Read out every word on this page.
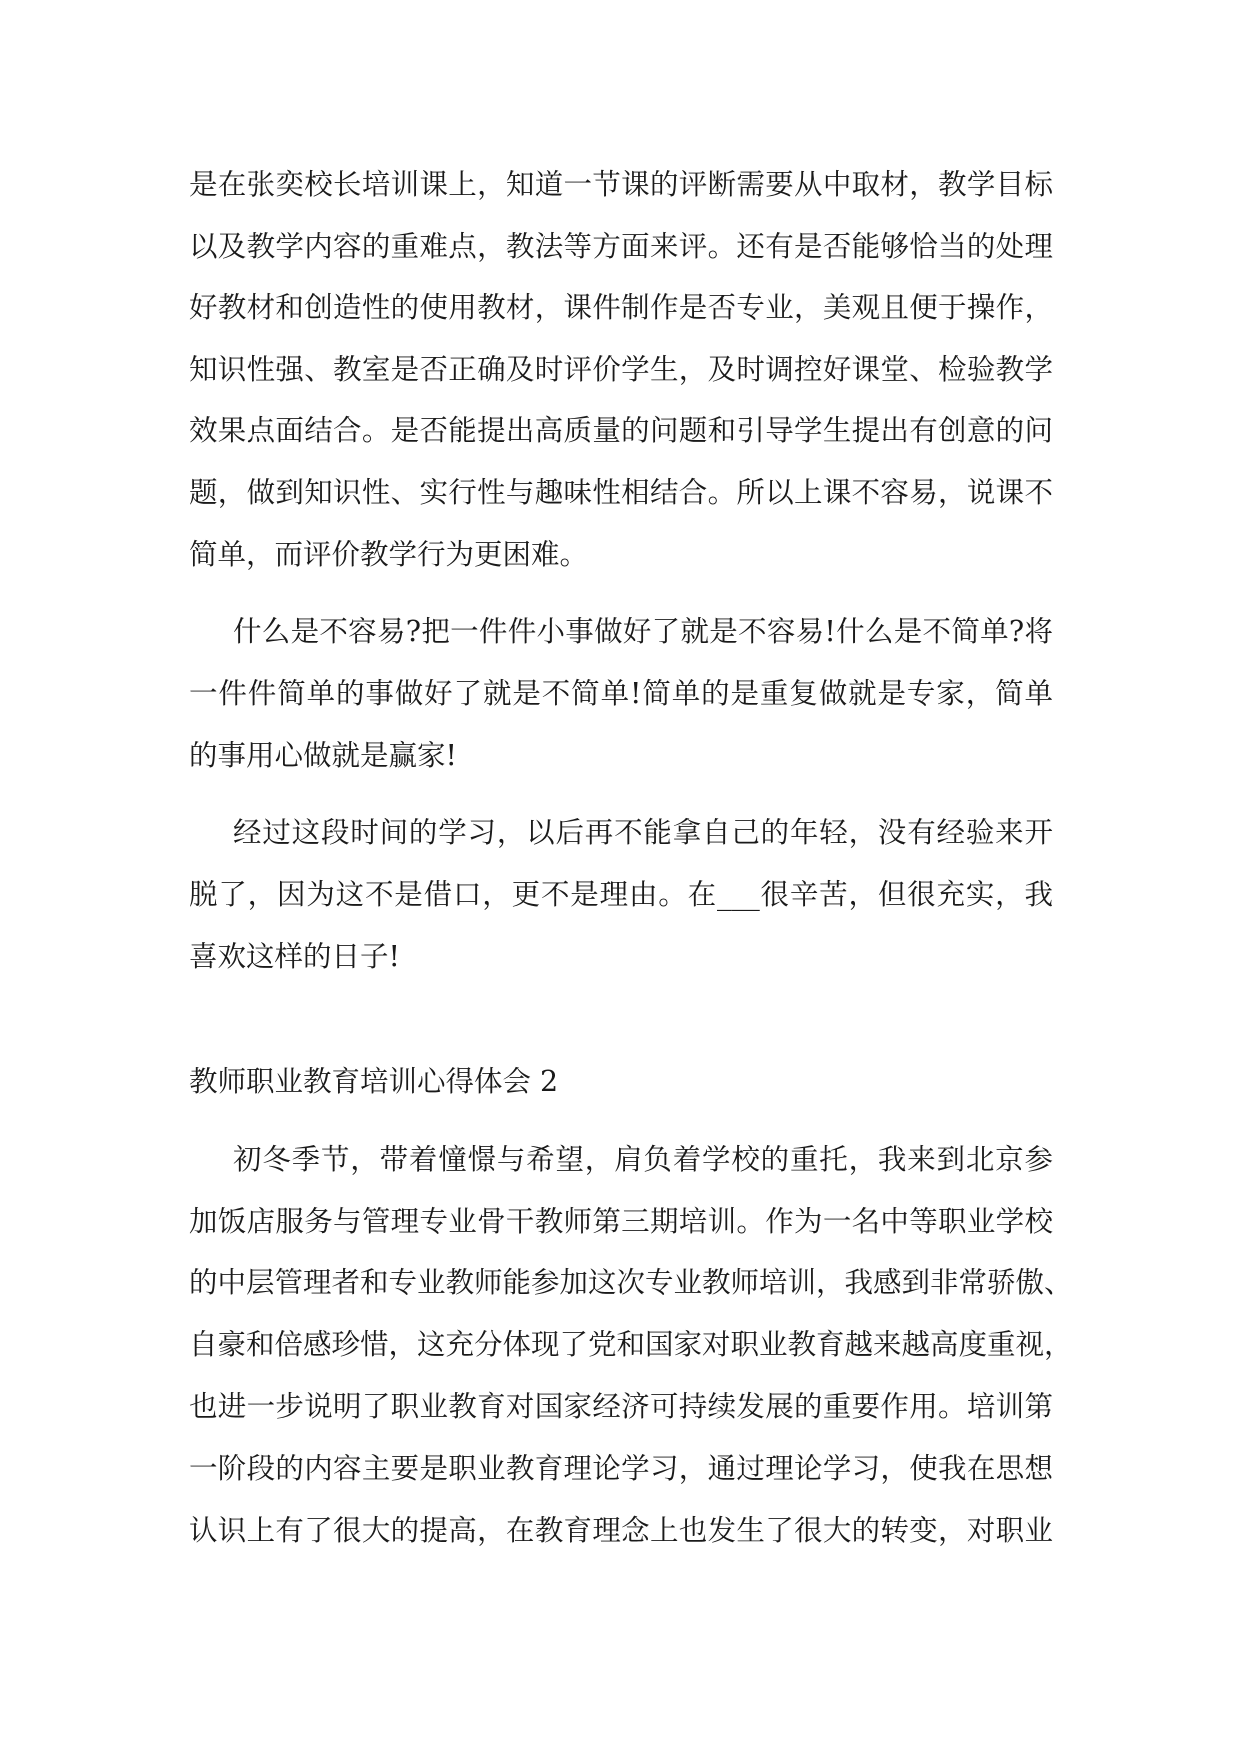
是在张奕校长培训课上，知道一节课的评断需要从中取材，教学目标
以及教学内容的重难点，教法等方面来评。还有是否能够恰当的处理
好教材和创造性的使用教材，课件制作是否专业，美观且便于操作，
知识性强、教室是否正确及时评价学生，及时调控好课堂、检验教学
效果点面结合。是否能提出高质量的问题和引导学生提出有创意的问
题，做到知识性、实行性与趣味性相结合。所以上课不容易，说课不
简单，而评价教学行为更困难。
什么是不容易?把一件件小事做好了就是不容易!什么是不简单?将
一件件简单的事做好了就是不简单!简单的是重复做就是专家，简单
的事用心做就是赢家!
经过这段时间的学习，以后再不能拿自己的年轻，没有经验来开
脱了，因为这不是借口，更不是理由。在___很辛苦，但很充实，我
喜欢这样的日子!
教师职业教育培训心得体会 2
初冬季节，带着憧憬与希望，肩负着学校的重托，我来到北京参
加饭店服务与管理专业骨干教师第三期培训。作为一名中等职业学校
的中层管理者和专业教师能参加这次专业教师培训，我感到非常骄傲、
自豪和倍感珍惜，这充分体现了党和国家对职业教育越来越高度重视，
也进一步说明了职业教育对国家经济可持续发展的重要作用。培训第
一阶段的内容主要是职业教育理论学习，通过理论学习，使我在思想
认识上有了很大的提高，在教育理念上也发生了很大的转变，对职业
